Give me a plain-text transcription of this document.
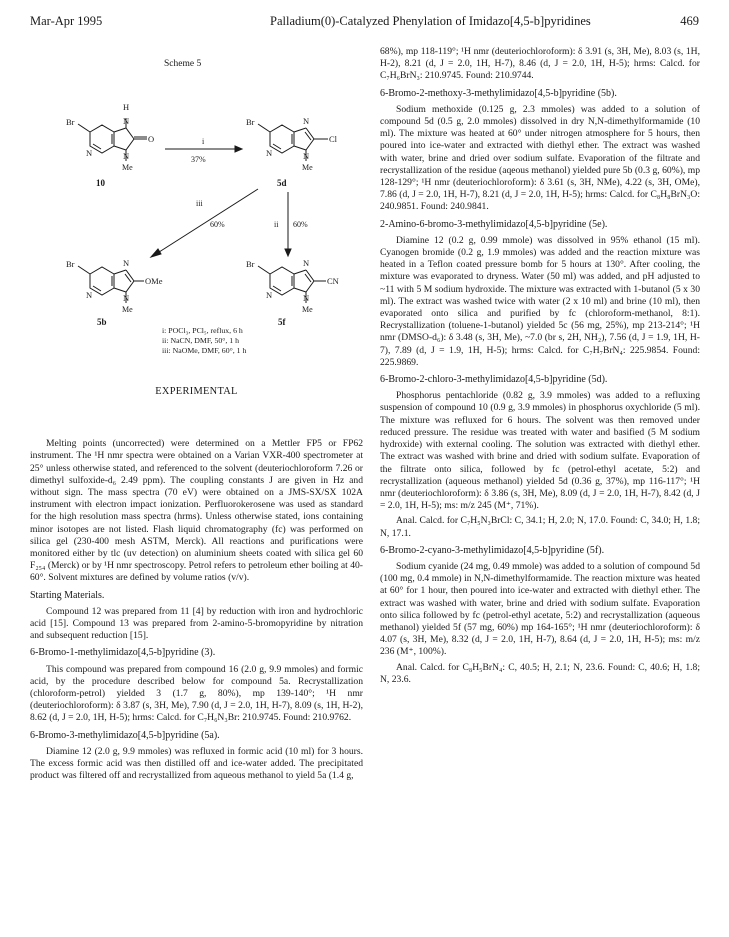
Mar-Apr 1995	Palladium(0)-Catalyzed Phenylation of Imidazo[4,5-b]pyridines	469
Scheme 5
Br
H
N
O
N
Me
N
10
i
37%
Br	N
Cl
N
Me
N
5d
iii
60%	ii 60%
Br	N
OMe
N
Me
N
5b
Br	N
CN
N
Me
N
5f
i: POCl₃, PCl₅, reflux, 6 h
ii: NaCN, DMF, 50°, 1 h
iii: NaOMe, DMF, 60°, 1 h
EXPERIMENTAL

Melting points (uncorrected) were determined on a Mettler FP5 or FP62 instrument. The ¹H nmr spectra were obtained on a Varian VXR-400 spectrometer at 25° unless otherwise stated, and referenced to the solvent (deuteriochloroform 7.26 or dimethyl sulfoxide-d₆ 2.49 ppm). The coupling constants J are given in Hz and without sign. The mass spectra (70 eV) were obtained on a JMS-SX/SX 102A instrument with electron impact ionization. Perfluorokerosene was used as standard for the high resolution mass spectra (hrms). Unless otherwise stated, ions containing minor isotopes are not listed. Flash liquid chromatography (fc) was performed on silica gel (230-400 mesh ASTM, Merck). All reactions and purifications were monitored either by tlc (uv detection) on aluminium sheets coated with silica gel 60 F₂₅₄ (Merck) or by ¹H nmr spectroscopy. Petrol refers to petroleum ether boiling at 40-60°. Solvent mixtures are defined by volume ratios (v/v).

Starting Materials.

Compound 12 was prepared from 11 [4] by reduction with iron and hydrochloric acid [15]. Compound 13 was prepared from 2-amino-5-bromopyridine by nitration and subsequent reduction [15].

6-Bromo-1-methylimidazo[4,5-b]pyridine (3).

This compound was prepared from compound 16 (2.0 g, 9.9 mmoles) and formic acid, by the procedure described below for compound 5a. Recrystallization (chloroform-petrol) yielded 3 (1.7 g, 80%), mp 139-140°; ¹H nmr (deuteriochloroform): δ 3.87 (s, 3H, Me), 7.90 (d, J = 2.0, 1H, H-7), 8.09 (s, 1H, H-2), 8.62 (d, J = 2.0, 1H, H-5); hrms: Calcd. for C₇H₆N₃Br: 210.9745. Found: 210.9762.

6-Bromo-3-methylimidazo[4,5-b]pyridine (5a).

Diamine 12 (2.0 g, 9.9 mmoles) was refluxed in formic acid (10 ml) for 3 hours. The excess formic acid was then distilled off and ice-water added. The precipitated product was filtered off and recrystallized from aqueous methanol to yield 5a (1.4 g,

68%), mp 118-119°; ¹H nmr (deuteriochloroform): δ 3.91 (s, 3H, Me), 8.03 (s, 1H, H-2), 8.21 (d, J = 2.0, 1H, H-7), 8.46 (d, J = 2.0, 1H, H-5); hrms: Calcd. for C₇H₆BrN₃: 210.9745. Found: 210.9744.

6-Bromo-2-methoxy-3-methylimidazo[4,5-b]pyridine (5b).

Sodium methoxide (0.125 g, 2.3 mmoles) was added to a solution of compound 5d (0.5 g, 2.0 mmoles) dissolved in dry N,N-dimethylformamide (10 ml). The mixture was heated at 60° under nitrogen atmosphere for 5 hours, then poured into ice-water and extracted with diethyl ether. The extract was washed with water, brine and dried over sodium sulfate. Evaporation of the filtrate and recrystallization of the residue (aqeous methanol) yielded pure 5b (0.3 g, 60%), mp 128-129°; ¹H nmr (deuteriochloroform): δ 3.61 (s, 3H, NMe), 4.22 (s, 3H, OMe), 7.86 (d, J = 2.0, 1H, H-7), 8.21 (d, J = 2.0, 1H, H-5); hrms: Calcd. for C₈H₈BrN₃O: 240.9851. Found: 240.9841.

2-Amino-6-bromo-3-methylimidazo[4,5-b]pyridine (5e).

Diamine 12 (0.2 g, 0.99 mmole) was dissolved in 95% ethanol (15 ml). Cyanogen bromide (0.2 g, 1.9 mmoles) was added and the reaction mixture was heated in a Teflon coated pressure bomb for 5 hours at 130°. After cooling, the mixture was evaporated to dryness. Water (50 ml) was added, and pH adjusted to ~11 with 5 M sodium hydroxide. The mixture was extracted with 1-butanol (5 x 30 ml). The extract was washed twice with water (2 x 10 ml) and brine (10 ml), then evaporated onto silica and purified by fc (chloroform-methanol, 8:1). Recrystallization (toluene-1-butanol) yielded 5c (56 mg, 25%), mp 213-214°; ¹H nmr (DMSO-d₆): δ 3.48 (s, 3H, Me), ~7.0 (br s, 2H, NH₂), 7.56 (d, J = 1.9, 1H, H-7), 7.89 (d, J = 1.9, 1H, H-5); hrms: Calcd. for C₇H₇BrN₄: 225.9854. Found: 225.9869.

6-Bromo-2-chloro-3-methylimidazo[4,5-b]pyridine (5d).

Phosphorus pentachloride (0.82 g, 3.9 mmoles) was added to a refluxing suspension of compound 10 (0.9 g, 3.9 mmoles) in phosphorus oxychloride (5 ml). The mixture was refluxed for 6 hours. The solvent was then removed under reduced pressure. The residue was treated with water and basified (5 M sodium hydroxide) with external cooling. The solution was extracted with diethyl ether. The extract was washed with brine and dried with sodium sulfate. Evaporation of the filtrate onto silica, followed by fc (petrol-ethyl acetate, 5:2) and recrystallization (aqueous methanol) yielded 5d (0.36 g, 37%), mp 116-117°; ¹H nmr (deuteriochloroform): δ 3.86 (s, 3H, Me), 8.09 (d, J = 2.0, 1H, H-7), 8.42 (d, J = 2.0, 1H, H-5); ms: m/z 245 (M⁺, 71%).

Anal. Calcd. for C₇H₅N₃BrCl: C, 34.1; H, 2.0; N, 17.0. Found: C, 34.0; H, 1.8; N, 17.1.

6-Bromo-2-cyano-3-methylimidazo[4,5-b]pyridine (5f).

Sodium cyanide (24 mg, 0.49 mmole) was added to a solution of compound 5d (100 mg, 0.4 mmole) in N,N-dimethylformamide. The reaction mixture was heated at 60° for 1 hour, then poured into ice-water and extracted with diethyl ether. The extract was washed with water, brine and dried with sodium sulfate. Evaporation onto silica followed by fc (petrol-ethyl acetate, 5:2) and recrystallization (aqueous methanol) yielded 5f (57 mg, 60%) mp 164-165°; ¹H nmr (deuteriochloroform): δ 4.07 (s, 3H, Me), 8.32 (d, J = 2.0, 1H, H-7), 8.64 (d, J = 2.0, 1H, H-5); ms: m/z 236 (M⁺, 100%).

Anal. Calcd. for C₈H₅BrN₄: C, 40.5; H, 2.1; N, 23.6. Found: C, 40.6; H, 1.8; N, 23.6.
